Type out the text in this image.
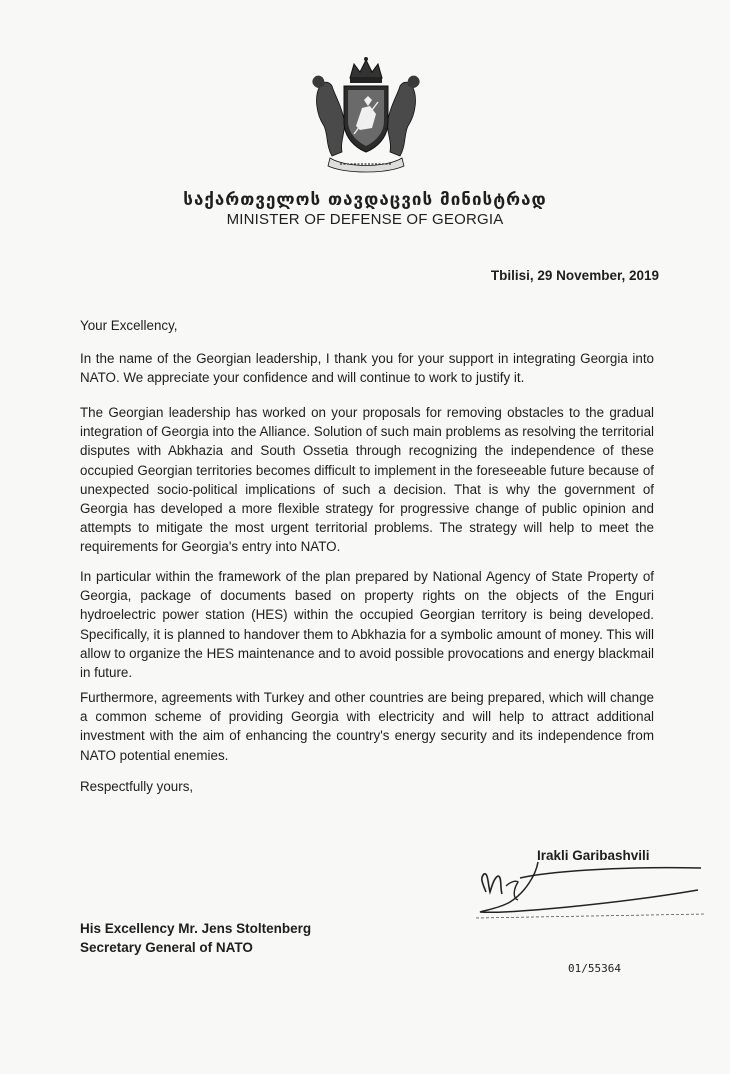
საქართველოს თავდაცვის მინისტრად
MINISTER OF DEFENSE OF GEORGIA
Tbilisi, 29 November, 2019
Your Excellency,

In the name of the Georgian leadership, I thank you for your support in integrating Georgia into NATO. We appreciate your confidence and will continue to work to justify it.

The Georgian leadership has worked on your proposals for removing obstacles to the gradual integration of Georgia into the Alliance. Solution of such main problems as resolving the territorial disputes with Abkhazia and South Ossetia through recognizing the independence of these occupied Georgian territories becomes difficult to implement in the foreseeable future because of unexpected socio-political implications of such a decision. That is why the government of Georgia has developed a more flexible strategy for progressive change of public opinion and attempts to mitigate the most urgent territorial problems. The strategy will help to meet the requirements for Georgia's entry into NATO.

In particular within the framework of the plan prepared by National Agency of State Property of Georgia, package of documents based on property rights on the objects of the Enguri hydroelectric power station (HES) within the occupied Georgian territory is being developed. Specifically, it is planned to handover them to Abkhazia for a symbolic amount of money. This will allow to organize the HES maintenance and to avoid possible provocations and energy blackmail in future.

Furthermore, agreements with Turkey and other countries are being prepared, which will change a common scheme of providing Georgia with electricity and will help to attract additional investment with the aim of enhancing the country's energy security and its independence from NATO potential enemies.

Respectfully yours,
Irakli Garibashvili
His Excellency Mr. Jens Stoltenberg
Secretary General of NATO
01/55364
